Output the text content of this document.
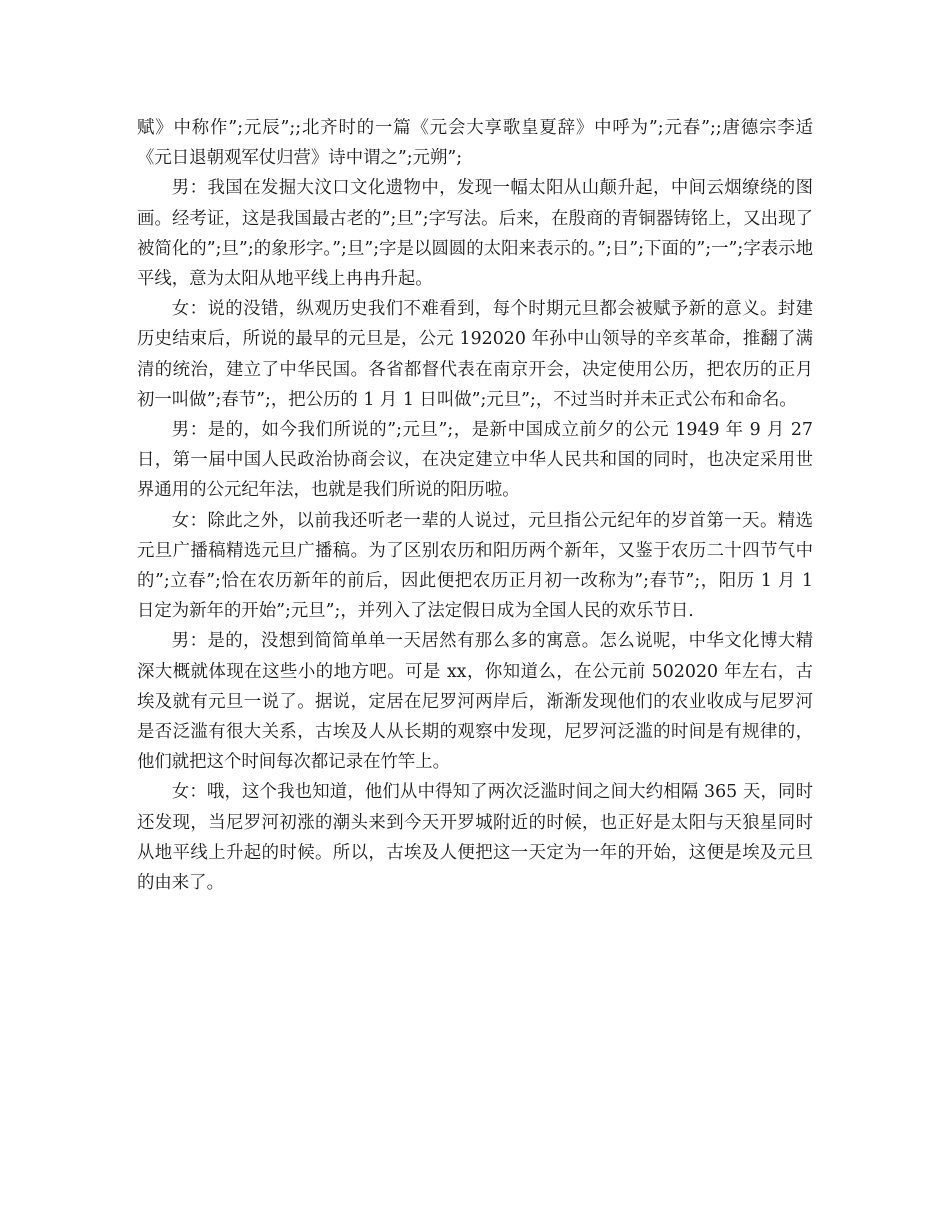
赋》中称作”;元辰”;;北齐时的一篇《元会大享歌皇夏辞》中呼为”;元春”;;唐德宗李适《元日退朝观军仗归营》诗中谓之”;元朔”;

男：我国在发掘大汶口文化遗物中，发现一幅太阳从山颠升起，中间云烟缭绕的图画。经考证，这是我国最古老的”;旦”;字写法。后来，在殷商的青铜器铸铭上，又出现了被简化的”;旦”;的象形字。”;旦”;字是以圆圆的太阳来表示的。”;日”;下面的”;一”;字表示地平线，意为太阳从地平线上冉冉升起。

女：说的没错，纵观历史我们不难看到，每个时期元旦都会被赋予新的意义。封建历史结束后，所说的最早的元旦是，公元 192020 年孙中山领导的辛亥革命，推翻了满清的统治，建立了中华民国。各省都督代表在南京开会，决定使用公历，把农历的正月初一叫做”;春节”;，把公历的 1 月 1 日叫做”;元旦”;，不过当时并未正式公布和命名。

男：是的，如今我们所说的”;元旦”;，是新中国成立前夕的公元 1949 年 9 月 27 日，第一届中国人民政治协商会议，在决定建立中华人民共和国的同时，也决定采用世界通用的公元纪年法，也就是我们所说的阳历啦。

女：除此之外，以前我还听老一辈的人说过，元旦指公元纪年的岁首第一天。精选元旦广播稿精选元旦广播稿。为了区别农历和阳历两个新年，又鉴于农历二十四节气中的”;立春”;恰在农历新年的前后，因此便把农历正月初一改称为”;春节”;，阳历 1 月 1 日定为新年的开始”;元旦”;，并列入了法定假日成为全国人民的欢乐节日.

男：是的，没想到简简单单一天居然有那么多的寓意。怎么说呢，中华文化博大精深大概就体现在这些小的地方吧。可是 xx，你知道么，在公元前 502020 年左右，古埃及就有元旦一说了。据说，定居在尼罗河两岸后，渐渐发现他们的农业收成与尼罗河是否泛滥有很大关系，古埃及人从长期的观察中发现，尼罗河泛滥的时间是有规律的，他们就把这个时间每次都记录在竹竿上。

女：哦，这个我也知道，他们从中得知了两次泛滥时间之间大约相隔 365 天，同时还发现，当尼罗河初涨的潮头来到今天开罗城附近的时候，也正好是太阳与天狼星同时从地平线上升起的时候。所以，古埃及人便把这一天定为一年的开始，这便是埃及元旦的由来了。
